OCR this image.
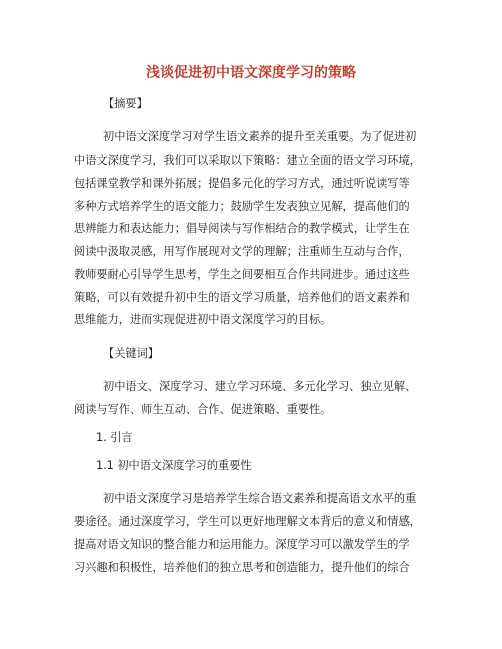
浅谈促进初中语文深度学习的策略
【摘要】
初中语文深度学习对学生语文素养的提升至关重要。为了促进初
中语文深度学习，我们可以采取以下策略：建立全面的语文学习环境，
包括课堂教学和课外拓展；提倡多元化的学习方式，通过听说读写等
多种方式培养学生的语文能力；鼓励学生发表独立见解，提高他们的
思辨能力和表达能力；倡导阅读与写作相结合的教学模式，让学生在
阅读中汲取灵感，用写作展现对文学的理解；注重师生互动与合作，
教师要耐心引导学生思考，学生之间要相互合作共同进步。通过这些
策略，可以有效提升初中生的语文学习质量，培养他们的语文素养和
思维能力，进而实现促进初中语文深度学习的目标。
【关键词】
初中语文、深度学习、建立学习环境、多元化学习、独立见解、
阅读与写作、师生互动、合作、促进策略、重要性。
1. 引言
1.1 初中语文深度学习的重要性
初中语文深度学习是培养学生综合语文素养和提高语文水平的重
要途径。通过深度学习，学生可以更好地理解文本背后的意义和情感，
提高对语文知识的整合能力和运用能力。深度学习可以激发学生的学
习兴趣和积极性，培养他们的独立思考和创造能力，提升他们的综合
